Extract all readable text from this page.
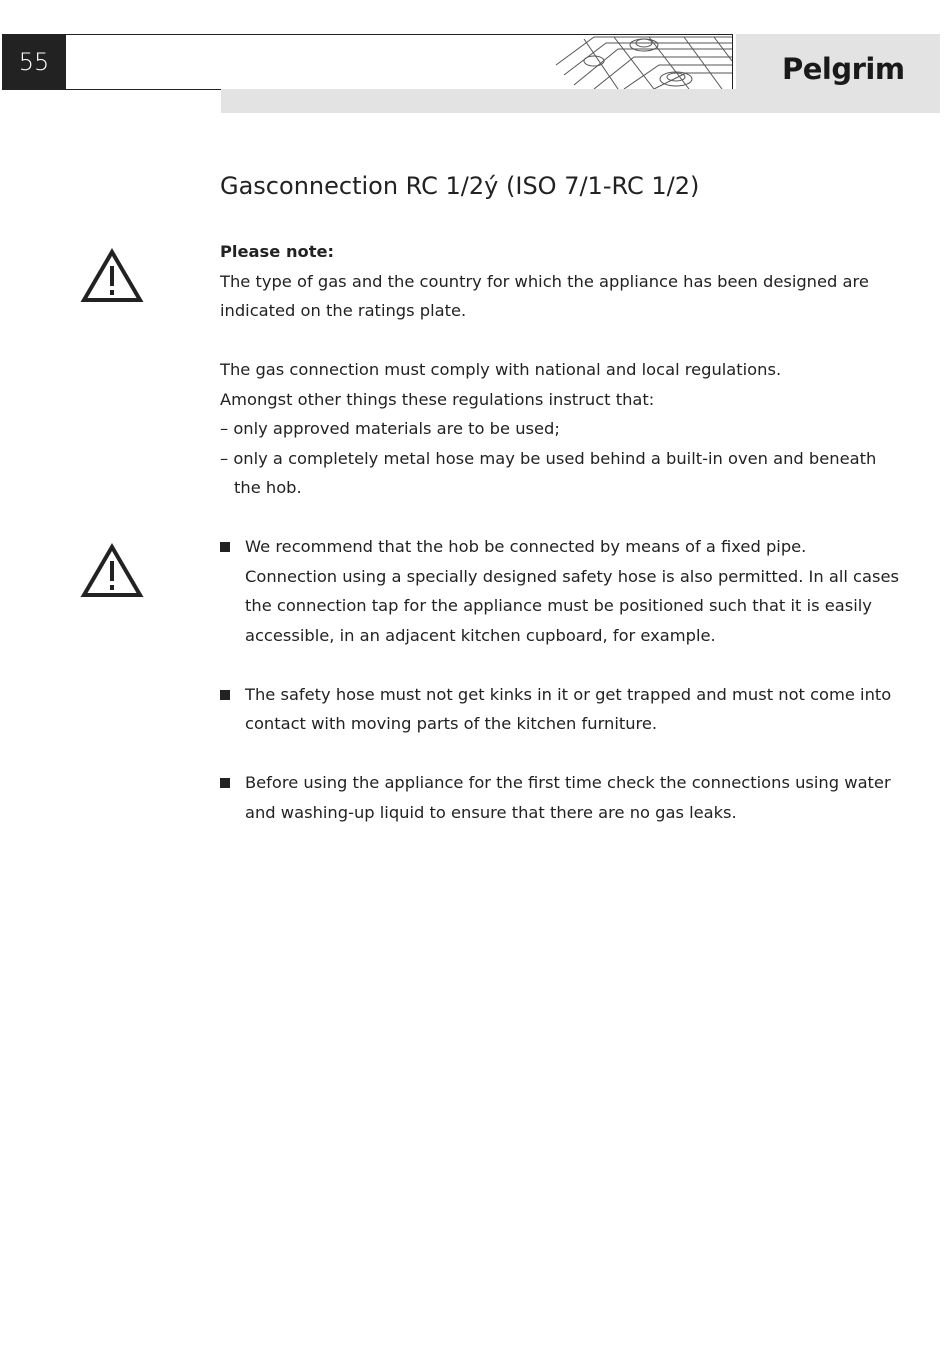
55	Pelgrim
Gasconnection RC 1/2ý (ISO 7/1-RC 1/2)

Please note:

The type of gas and the country for which the appliance has been designed are indicated on the ratings plate.

The gas connection must comply with national and local regulations.

Amongst other things these regulations instruct that:

– only approved materials are to be used;

– only a completely metal hose may be used behind a built-in oven and beneath the hob.

We recommend that the hob be connected by means of a fixed pipe. Connection using a specially designed safety hose is also permitted. In all cases the connection tap for the appliance must be positioned such that it is easily accessible, in an adjacent kitchen cupboard, for example.

The safety hose must not get kinks in it or get trapped and must not come into contact with moving parts of the kitchen furniture.

Before using the appliance for the first time check the connections using water and washing-up liquid to ensure that there are no gas leaks.
